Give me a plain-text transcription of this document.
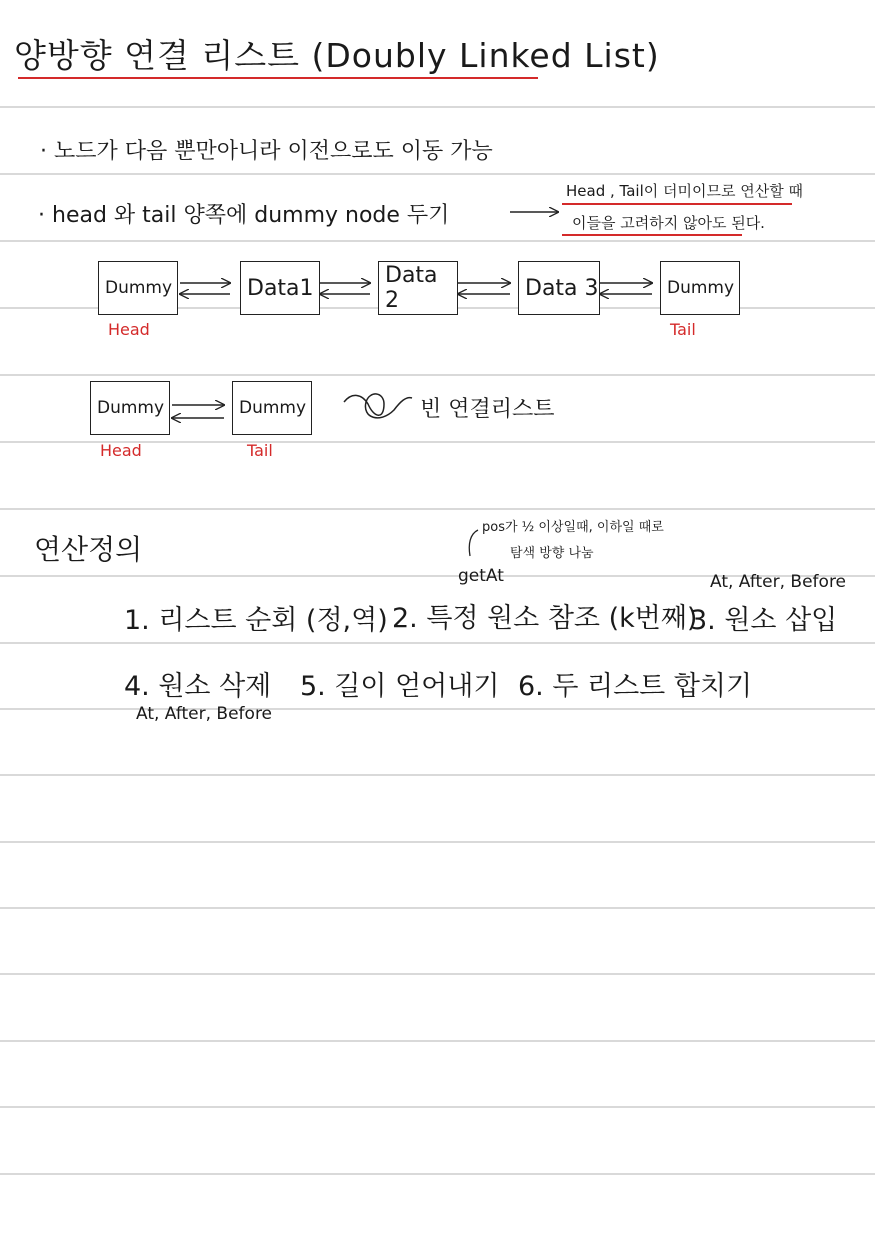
양방향 연결 리스트 (Doubly Linked List)
· 노드가 다음 뿐만아니라 이전으로도 이동 가능
· head 와 tail 양쪽에 dummy node 두기
Head , Tail이 더미이므로 연산할 때
이들을 고려하지 않아도 된다.
Dummy	Data1	Data 2	Data 3	Dummy
Head	Tail
Dummy	Dummy
Head	Tail
빈 연결리스트
연산정의
pos가 ½ 이상일때, 이하일 때로
탐색 방향 나눔
getAt	At, After, Before
1. 리스트 순회 (정,역) 2. 특정 원소 참조 (k번째)
3. 원소 삽입
4. 원소 삭제 5. 길이 얻어내기 6. 두 리스트 합치기
At, After, Before
